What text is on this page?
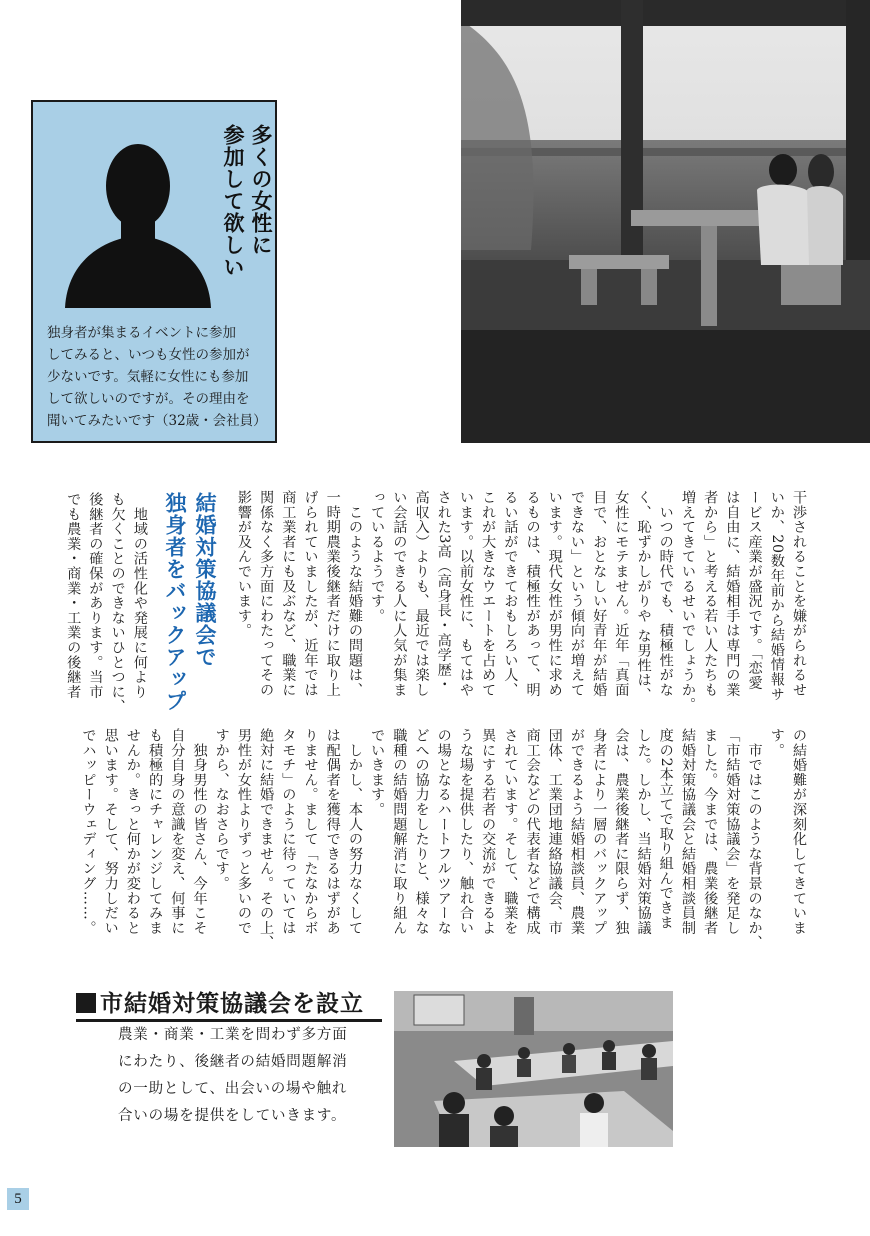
多くの女性に
参加して欲しい
独身者が集まるイベントに参加
してみると、いつも女性の参加が
少ないです。気軽に女性にも参加
して欲しいのですが。その理由を
聞いてみたいです（32歳・会社員）
結婚対策協議会で
独身者をバックアップ	干渉されることを嫌がられるせ
いか、20数年前から結婚情報サ
ービス産業が盛況です。「恋愛
は自由に、結婚相手は専門の業
者から」と考える若い人たちも
増えてきているせいでしょうか。
　いつの時代でも、積極性がな
く、恥ずかしがりや な男性は、
女性にモテません。近年「真面
目で、おとなしい好青年が結婚
できない」という傾向が増えて
います。現代女性が男性に求め
るものは、積極性があって、明
るい話ができておもしろい人、
これが大きなウエートを占めて
います。以前女性に、もてはや
された3高（高身長・高学歴・
高収入）よりも、最近では楽し
い会話のできる人に人気が集ま
っているようです。
　このような結婚難の問題は、
一時期農業後継者だけに取り上
げられていましたが、近年では
商工業者にも及ぶなど、職業に
関係なく多方面にわたってその
影響が及んでいます。
　地域の活性化や発展に何より
も欠くことのできないひとつに、
後継者の確保があります。当市
でも農業・商業・工業の後継者
の結婚難が深刻化してきていま
す。
　市ではこのような背景のなか、
「市結婚対策協議会」を発足し
ました。今までは、農業後継者
結婚対策協議会と結婚相談員制
度の2本立てで取り組んできま
した。しかし、当結婚対策協議
会は、農業後継者に限らず、独
身者により一層のバックアップ
ができるよう結婚相談員、農業
団体、工業団地連絡協議会、市
商工会などの代表者などで構成
されています。そして、職業を
異にする若者の交流ができるよ
うな場を提供したり、触れ合い
の場となるハートフルツアーな
どへの協力をしたりと、様々な
職種の結婚問題解消に取り組ん
でいきます。
　しかし、本人の努力なくして
は配偶者を獲得できるはずがあ
りません。まして「たなからボ
タモチ」のように待っていては
絶対に結婚できません。その上、
男性が女性よりずっと多いので
すから、なおさらです。
　独身男性の皆さん、今年こそ
自分自身の意識を変え、何事に
も積極的にチャレンジしてみま
せんか。きっと何かが変わると
思います。そして、努力しだい
でハッピーウェディング……。
市結婚対策協議会を設立
農業・商業・工業を問わず多方面
にわたり、後継者の結婚問題解消
の一助として、出会いの場や触れ
合いの場を提供をしていきます。
5
